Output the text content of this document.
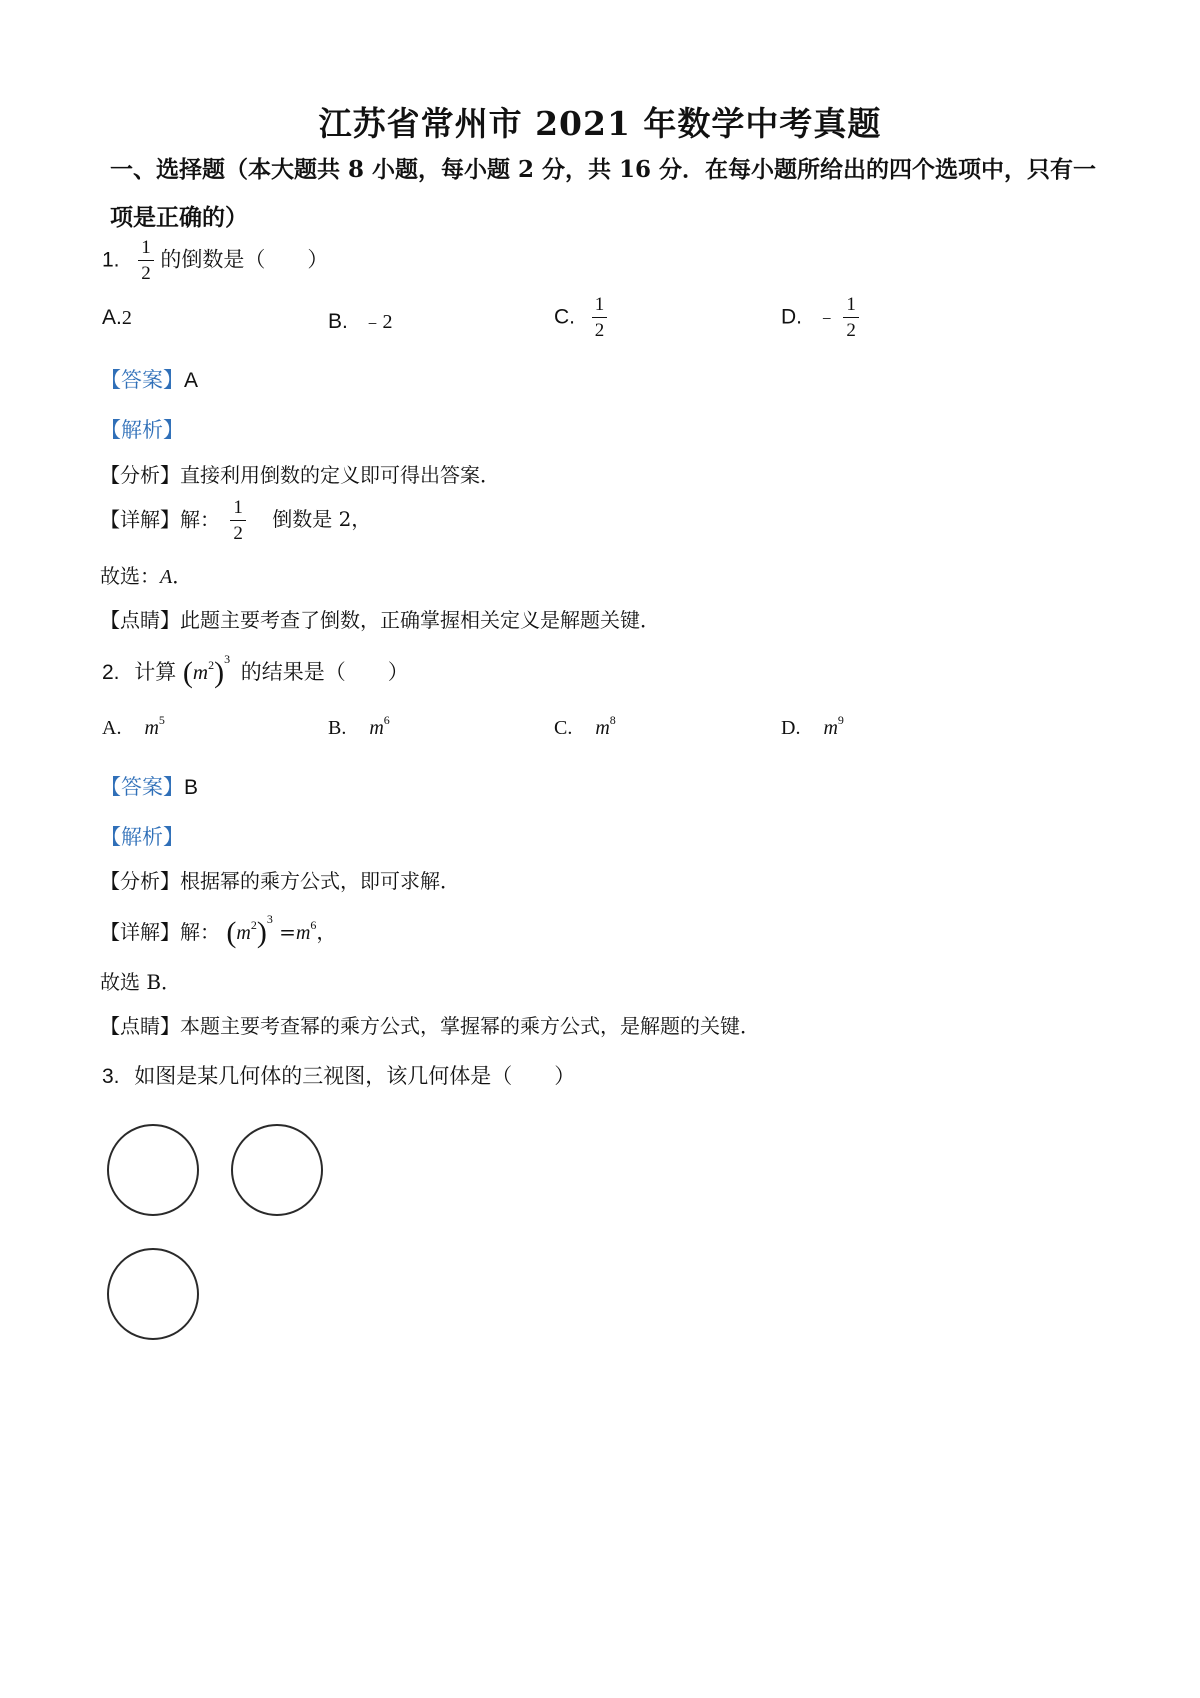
江苏省常州市 2021 年数学中考真题
一、选择题（本大题共 8 小题，每小题 2 分，共 16 分．在每小题所给出的四个选项中，只有一项是正确的）
1. $\frac{1}{2}$ 的倒数是（　　）
A.2	B. ﹣2	C. $\frac{1}{2}$	D. ﹣ $\frac{1}{2}$
【答案】A
【解析】
【分析】直接利用倒数的定义即可得出答案．
【详解】解： $\frac{1}{2}$ 倒数是 2，
故选：A．
【点睛】此题主要考查了倒数，正确掌握相关定义是解题关键．
2. 计算 $(m^2)^3$ 的结果是（　　）
A. $m^5$	B. $m^6$	C. $m^8$	D. $m^9$
【答案】B
【解析】
【分析】根据幂的乘方公式，即可求解．
【详解】解： $(m^2)^3 =m^6$，
故选 B．
【点睛】本题主要考查幂的乘方公式，掌握幂的乘方公式，是解题的关键．
3. 如图是某几何体的三视图，该几何体是（　　）
